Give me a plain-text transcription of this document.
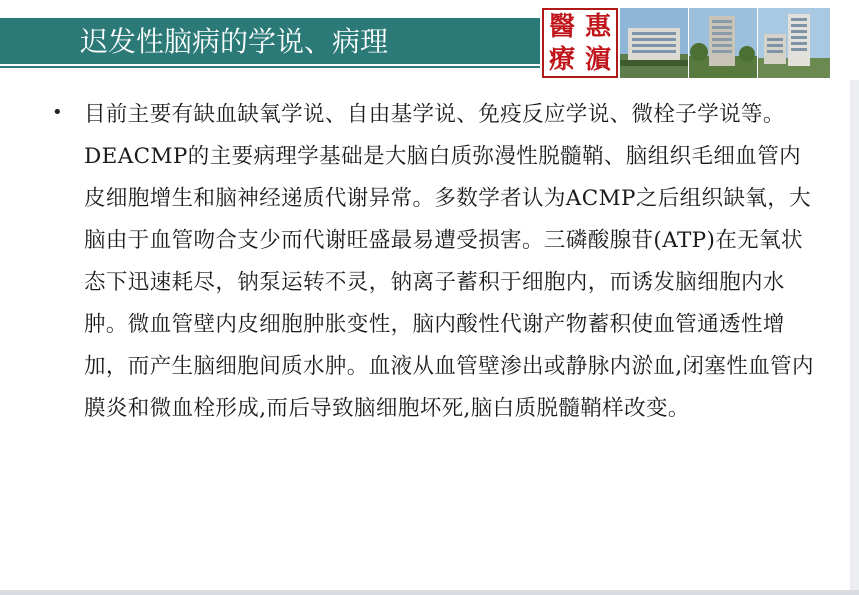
迟发性脑病的学说、病理	醫 惠
療 濵
• 目前主要有缺血缺氧学说、自由基学说、免疫反应学说、微栓子学说等。DEACMP的主要病理学基础是大脑白质弥漫性脱髓鞘、脑组织毛细血管内皮细胞增生和脑神经递质代谢异常。多数学者认为ACMP之后组织缺氧，大脑由于血管吻合支少而代谢旺盛最易遭受损害。三磷酸腺苷(ATP)在无氧状态下迅速耗尽，钠泵运转不灵，钠离子蓄积于细胞内，而诱发脑细胞内水肿。微血管壁内皮细胞肿胀变性，脑内酸性代谢产物蓄积使血管通透性增加，而产生脑细胞间质水肿。血液从血管壁渗出或静脉内淤血,闭塞性血管内膜炎和微血栓形成,而后导致脑细胞坏死,脑白质脱髓鞘样改变。
